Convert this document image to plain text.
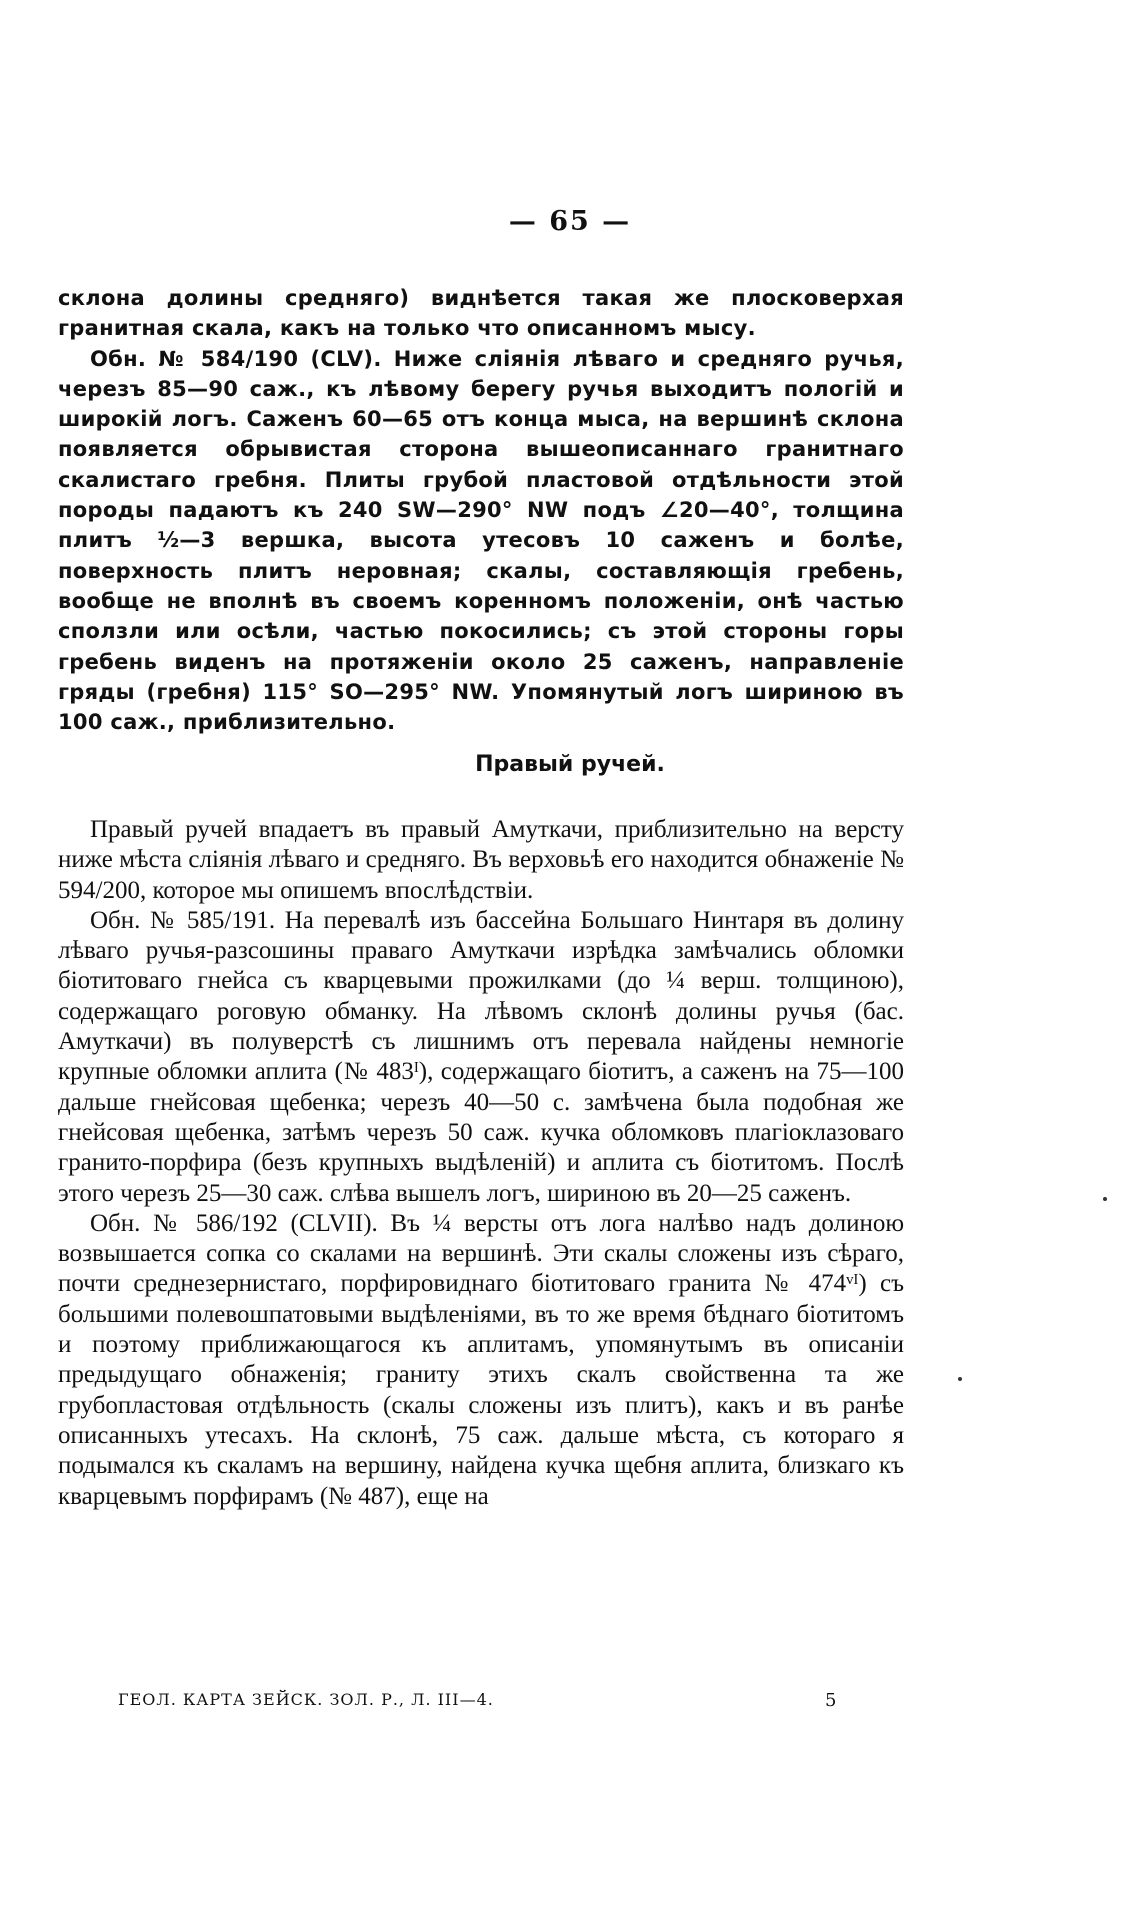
— 65 —

склона долины средняго) виднѣется такая же плосковерхая гранитная скала, какъ на только что описанномъ мысу.

Обн. № 584/190 (CLV). Ниже сліянія лѣваго и средняго ручья, черезъ 85—90 саж., къ лѣвому берегу ручья выходитъ пологій и широкій логъ. Саженъ 60—65 отъ конца мыса, на вершинѣ склона появляется обрывистая сторона вышеописаннаго гранитнаго скалистаго гребня. Плиты грубой пластовой отдѣльности этой породы падаютъ къ 240 SW—290° NW подъ ∠20—40°, толщина плитъ ½—3 вершка, высота утесовъ 10 саженъ и болѣе, поверхность плитъ неровная; скалы, составляющія гребень, вообще не вполнѣ въ своемъ коренномъ положеніи, онѣ частью сползли или осѣли, частью покосились; съ этой стороны горы гребень виденъ на протяженіи около 25 саженъ, направленіе гряды (гребня) 115° SO—295° NW. Упомянутый логъ шириною въ 100 саж., приблизительно.

Правый ручей.

Правый ручей впадаетъ въ правый Амуткачи, приблизительно на версту ниже мѣста сліянія лѣваго и средняго. Въ верховьѣ его находится обнаженіе № 594/200, которое мы опишемъ впослѣдствіи.

Обн. № 585/191. На перевалѣ изъ бассейна Большаго Нинтаря въ долину лѣваго ручья-разсошины праваго Амуткачи изрѣдка замѣчались обломки біотитоваго гнейса съ кварцевыми прожилками (до ¼ верш. толщиною), содержащаго роговую обманку. На лѣвомъ склонѣ долины ручья (бас. Амуткачи) въ полуверстѣ съ лишнимъ отъ перевала найдены немногіе крупные обломки аплита (№ 483ᴵ), содержащаго біотитъ, а саженъ на 75—100 дальше гнейсовая щебенка; черезъ 40—50 с. замѣчена была подобная же гнейсовая щебенка, затѣмъ черезъ 50 саж. кучка обломковъ плагіоклазоваго гранито-порфира (безъ крупныхъ выдѣленій) и аплита съ біотитомъ. Послѣ этого черезъ 25—30 саж. слѣва вышелъ логъ, шириною въ 20—25 саженъ.

Обн. № 586/192 (CLVII). Въ ¼ версты отъ лога налѣво надъ долиною возвышается сопка со скалами на вершинѣ. Эти скалы сложены изъ сѣраго, почти среднезернистаго, порфировиднаго біотитоваго гранита № 474ᵛᴵ) съ большими полевошпатовыми выдѣленіями, въ то же время бѣднаго біотитомъ и поэтому приближающагося къ аплитамъ, упомянутымъ въ описаніи предыдущаго обнаженія; граниту этихъ скалъ свойственна та же грубопластовая отдѣльность (скалы сложены изъ плитъ), какъ и въ ранѣе описанныхъ утесахъ. На склонѣ, 75 саж. дальше мѣста, съ котораго я подымался къ скаламъ на вершину, найдена кучка щебня аплита, близкаго къ кварцевымъ порфирамъ (№ 487), еще на

ГЕОЛ. КАРТА ЗЕЙСК. ЗОЛ. Р., Л. III—4.	5
